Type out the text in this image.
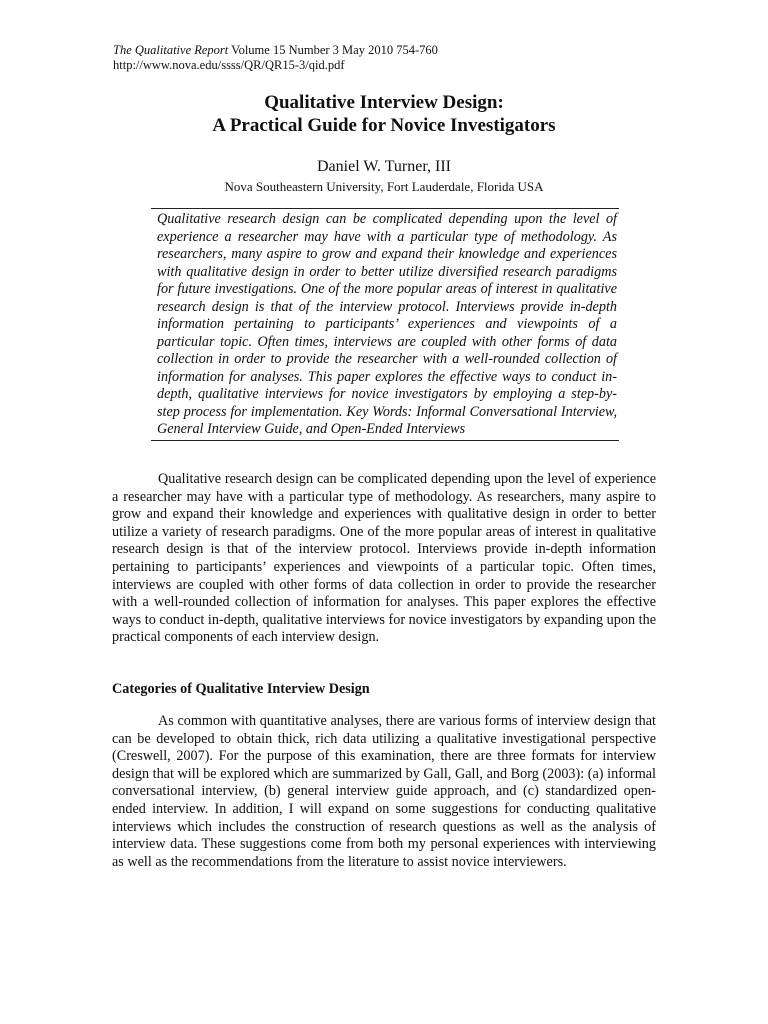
The Qualitative Report Volume 15 Number 3 May 2010 754-760
http://www.nova.edu/ssss/QR/QR15-3/qid.pdf
Qualitative Interview Design:
A Practical Guide for Novice Investigators
Daniel W. Turner, III
Nova Southeastern University, Fort Lauderdale, Florida USA
Qualitative research design can be complicated depending upon the level of experience a researcher may have with a particular type of methodology. As researchers, many aspire to grow and expand their knowledge and experiences with qualitative design in order to better utilize diversified research paradigms for future investigations. One of the more popular areas of interest in qualitative research design is that of the interview protocol. Interviews provide in-depth information pertaining to participants’ experiences and viewpoints of a particular topic. Often times, interviews are coupled with other forms of data collection in order to provide the researcher with a well-rounded collection of information for analyses. This paper explores the effective ways to conduct in-depth, qualitative interviews for novice investigators by employing a step-by-step process for implementation. Key Words: Informal Conversational Interview, General Interview Guide, and Open-Ended Interviews

Qualitative research design can be complicated depending upon the level of experience a researcher may have with a particular type of methodology. As researchers, many aspire to grow and expand their knowledge and experiences with qualitative design in order to better utilize a variety of research paradigms. One of the more popular areas of interest in qualitative research design is that of the interview protocol. Interviews provide in-depth information pertaining to participants’ experiences and viewpoints of a particular topic. Often times, interviews are coupled with other forms of data collection in order to provide the researcher with a well-rounded collection of information for analyses. This paper explores the effective ways to conduct in-depth, qualitative interviews for novice investigators by expanding upon the practical components of each interview design.

Categories of Qualitative Interview Design

As common with quantitative analyses, there are various forms of interview design that can be developed to obtain thick, rich data utilizing a qualitative investigational perspective (Creswell, 2007). For the purpose of this examination, there are three formats for interview design that will be explored which are summarized by Gall, Gall, and Borg (2003): (a) informal conversational interview, (b) general interview guide approach, and (c) standardized open-ended interview. In addition, I will expand on some suggestions for conducting qualitative interviews which includes the construction of research questions as well as the analysis of interview data. These suggestions come from both my personal experiences with interviewing as well as the recommendations from the literature to assist novice interviewers.
